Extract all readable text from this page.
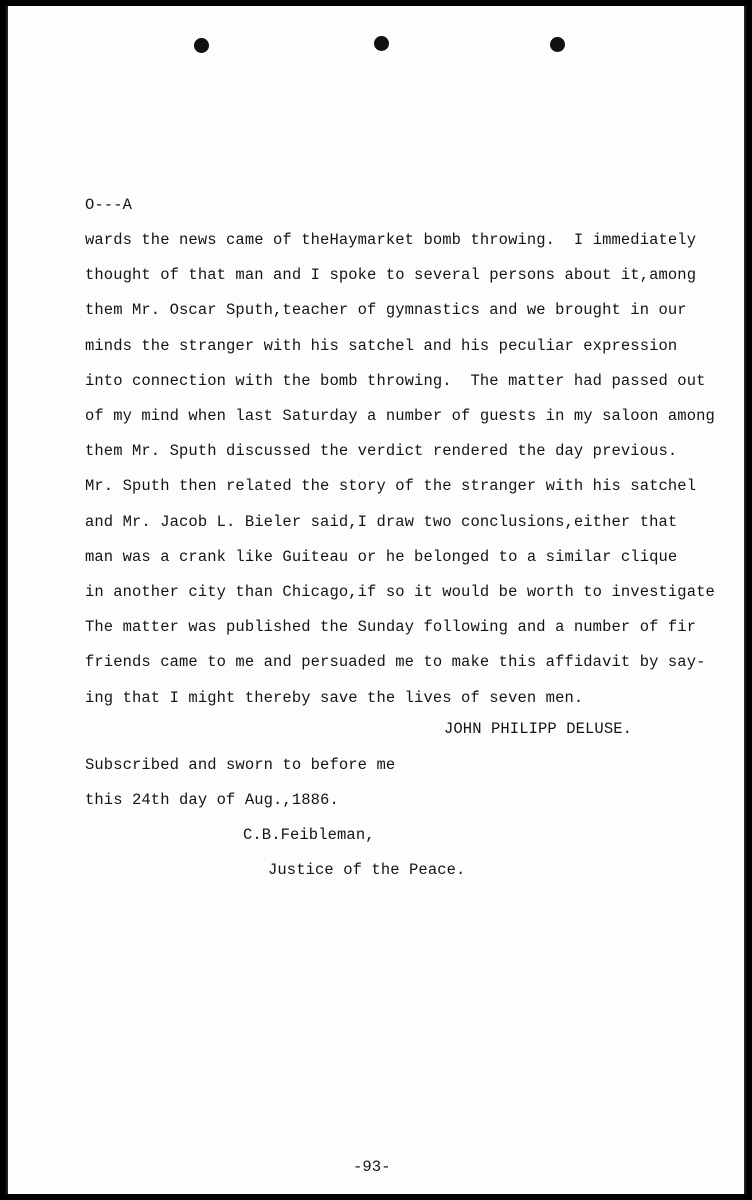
O---A
wards the news came of theHaymarket bomb throwing.  I immediately
thought of that man and I spoke to several persons about it,among
them Mr. Oscar Sputh,teacher of gymnastics and we brought in our
minds the stranger with his satchel and his peculiar expression
into connection with the bomb throwing.  The matter had passed out
of my mind when last Saturday a number of guests in my saloon among
them Mr. Sputh discussed the verdict rendered the day previous.
Mr. Sputh then related the story of the stranger with his satchel
and Mr. Jacob L. Bieler said,I draw two conclusions,either that
man was a crank like Guiteau or he belonged to a similar clique
in another city than Chicago,if so it would be worth to investigate
The matter was published the Sunday following and a number of fir
friends came to me and persuaded me to make this affidavit by say-
ing that I might thereby save the lives of seven men.
JOHN PHILIPP DELUSE.
Subscribed and sworn to before me
this 24th day of Aug.,1886.
C.B.Feibleman,
Justice of the Peace.
-93-
